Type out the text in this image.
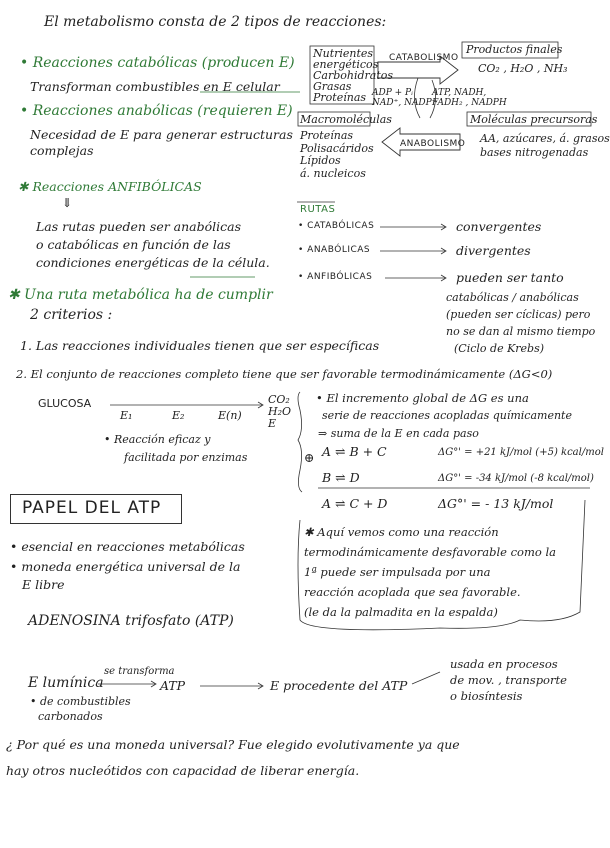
El metabolismo consta de 2 tipos de reacciones:
• Reacciones catabólicas (producen E)
Transforman combustibles en E celular
• Reacciones anabólicas (requieren E)
Necesidad de E para generar estructuras
complejas
✱ Reacciones ANFIBÓLICAS
⇓
Las rutas pueden ser anabólicas
o catabólicas en función de las
condiciones energéticas de la célula.
Nutrientes
energéticos
Carbohidratos
Grasas
Proteínas
CATABOLISMO
Productos finales
CO₂ , H₂O , NH₃
ADP + Pᵢ
NAD⁺, NADP⁺
ATP, NADH,
FADH₂ , NADPH
Macromoléculas
Proteínas
Polisacáridos
Lípidos
á. nucleicos
ANABOLISMO
Moléculas precursoras
AA, azúcares, á. grasos
bases nitrogenadas
RUTAS
• CATABÓLICAS	convergentes
• ANABÓLICAS	divergentes
• ANFIBÓLICAS	pueden ser tanto
catabólicas / anabólicas
(pueden ser cíclicas) pero
no se dan al mismo tiempo
(Ciclo de Krebs)
✱ Una ruta metabólica ha de cumplir
2 criterios :
1. Las reacciones individuales tienen que ser específicas
2. El conjunto de reacciones completo tiene que ser favorable termodinámicamente (ΔG<0)
GLUCOSA
E₁	E₂	E(n)
CO₂
H₂O
E
• Reacción eficaz y
facilitada por enzimas
• El incremento global de ΔG es una
serie de reacciones acopladas químicamente
⇒ suma de la E en cada paso
⊕ A ⇌ B + C	ΔG°' = +21 kJ/mol (+5) kcal/mol
B ⇌ D	ΔG°' = -34 kJ/mol (-8 kcal/mol)
A ⇌ C + D	ΔG°' = - 13 kJ/mol
PAPEL DEL ATP
• esencial en reacciones metabólicas
• moneda energética universal de la
E libre
ADENOSINA trifosfato (ATP)
✱ Aquí vemos como una reacción
termodinámicamente desfavorable como la
1ª puede ser impulsada por una
reacción acoplada que sea favorable.
(le da la palmadita en la espalda)
E lumínica
se transforma
ATP	E procedente del ATP
• de combustibles
carbonados
usada en procesos
de mov. , transporte
o biosíntesis
¿ Por qué es una moneda universal? Fue elegido evolutivamente ya que
hay otros nucleótidos con capacidad de liberar energía.
